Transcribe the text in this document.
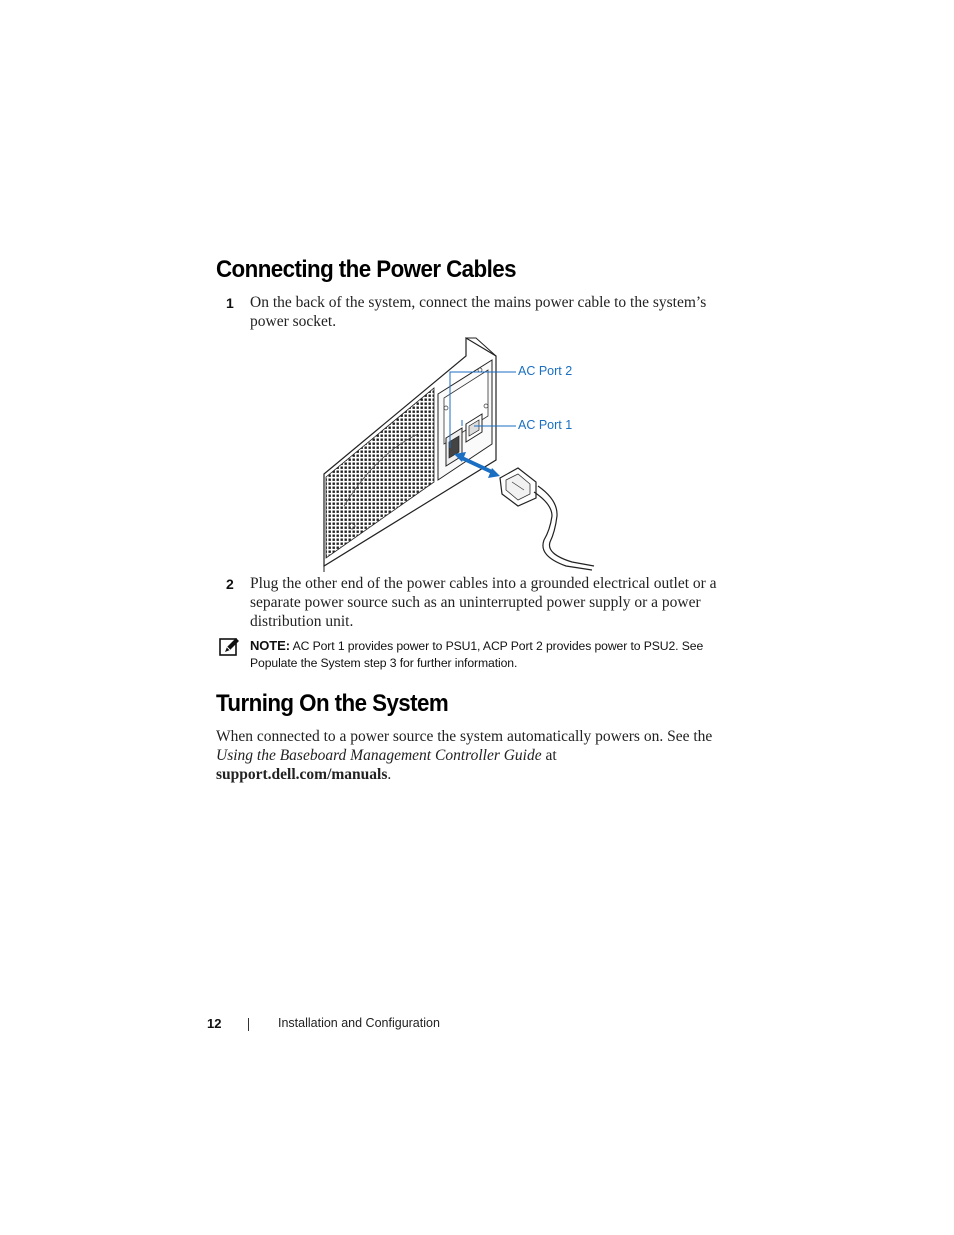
Connecting the Power Cables
1 On the back of the system, connect the mains power cable to the system’s power socket.
AC Port 2
AC Port 1
2 Plug the other end of the power cables into a grounded electrical outlet or a separate power source such as an uninterrupted power supply or a power distribution unit.
NOTE: AC Port 1 provides power to PSU1, ACP Port 2 provides power to PSU2. See Populate the System step 3 for further information.
Turning On the System
When connected to a power source the system automatically powers on. See the Using the Baseboard Management Controller Guide at support.dell.com/manuals.
12	Installation and Configuration
